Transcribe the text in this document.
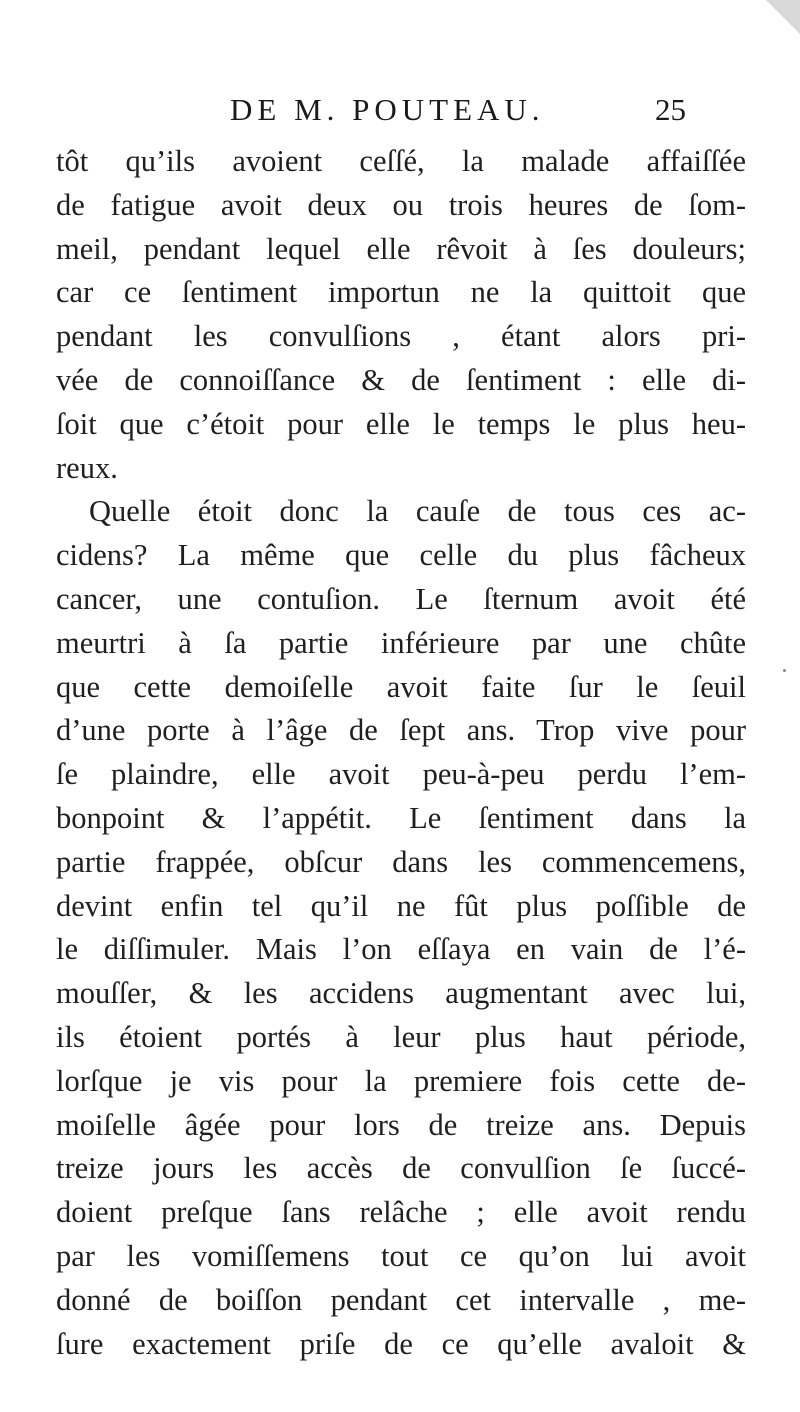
DE M. POUTEAU.	25
tôt qu’ils avoient ceſſé, la malade affaiſſée
de fatigue avoit deux ou trois heures de ſom-
meil, pendant lequel elle rêvoit à ſes douleurs;
car ce ſentiment importun ne la quittoit que
pendant les convulſions , étant alors pri-
vée de connoiſſance & de ſentiment : elle di-
ſoit que c’étoit pour elle le temps le plus heu-
reux.
Quelle étoit donc la cauſe de tous ces ac-
cidens? La même que celle du plus fâcheux
cancer, une contuſion. Le ſternum avoit été
meurtri à ſa partie inférieure par une chûte
que cette demoiſelle avoit faite ſur le ſeuil
d’une porte à l’âge de ſept ans. Trop vive pour
ſe plaindre, elle avoit peu-à-peu perdu l’em-
bonpoint & l’appétit. Le ſentiment dans la
partie frappée, obſcur dans les commencemens,
devint enfin tel qu’il ne fût plus poſſible de
le diſſimuler. Mais l’on eſſaya en vain de l’é-
mouſſer, & les accidens augmentant avec lui,
ils étoient portés à leur plus haut période,
lorſque je vis pour la premiere fois cette de-
moiſelle âgée pour lors de treize ans. Depuis
treize jours les accès de convulſion ſe ſuccé-
doient preſque ſans relâche ; elle avoit rendu
par les vomiſſemens tout ce qu’on lui avoit
donné de boiſſon pendant cet intervalle , me-
ſure exactement priſe de ce qu’elle avaloit &
